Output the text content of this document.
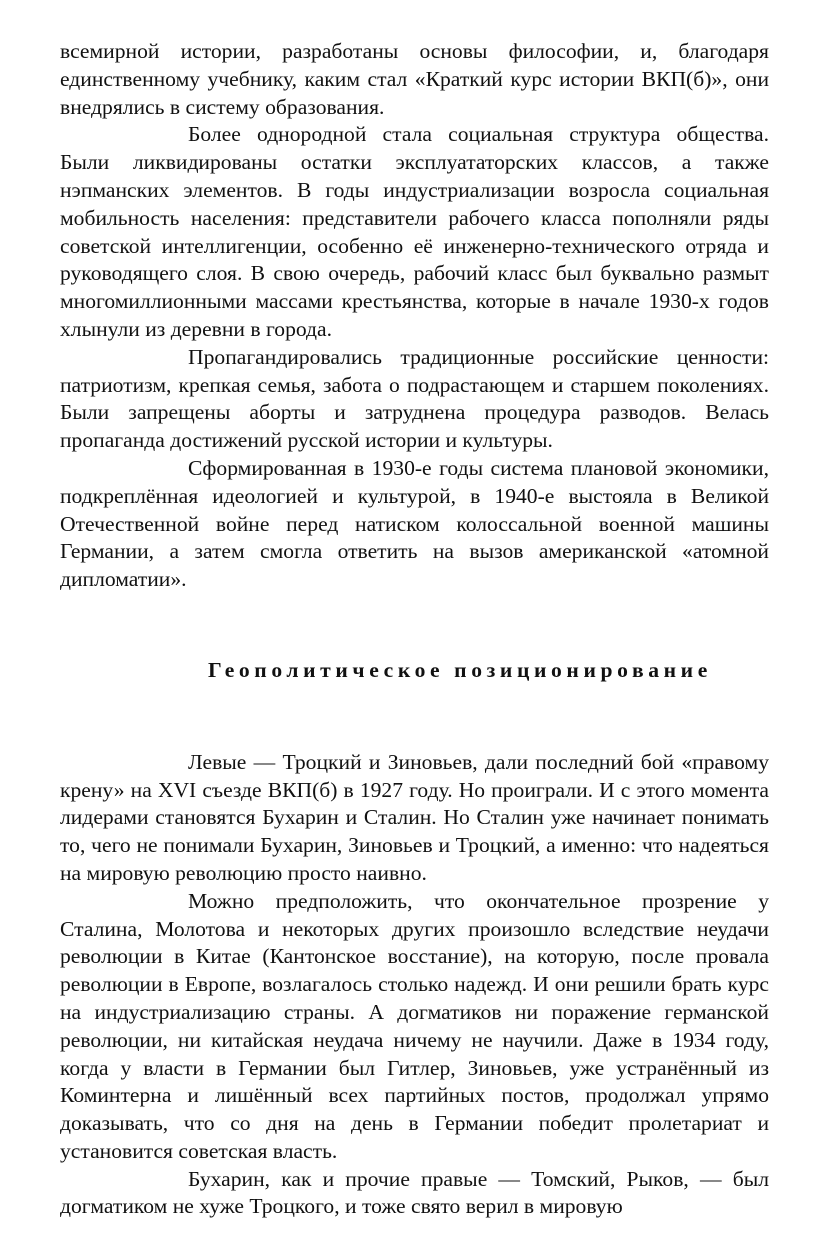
всемирной истории, разработаны основы философии, и, благодаря единственному учебнику, каким стал «Краткий курс истории ВКП(б)», они внедрялись в систему образования.

Более однородной стала социальная структура общества. Были ликвидированы остатки эксплуататорских классов, а также нэпманских элементов. В годы индустриализации возросла социальная мобильность населения: представители рабочего класса пополняли ряды советской интеллигенции, особенно её инженерно-технического отряда и руководящего слоя. В свою очередь, рабочий класс был буквально размыт многомиллионными массами крестьянства, которые в начале 1930-х годов хлынули из деревни в города.

Пропагандировались традиционные российские ценности: патриотизм, крепкая семья, забота о подрастающем и старшем поколениях. Были запрещены аборты и затруднена процедура разводов. Велась пропаганда достижений русской истории и культуры.

Сформированная в 1930-е годы система плановой экономики, подкреплённая идеологией и культурой, в 1940-е выстояла в Великой Отечественной войне перед натиском колоссальной военной машины Германии, а затем смогла ответить на вызов американской «атомной дипломатии».

Геополитическое позиционирование

Левые — Троцкий и Зиновьев, дали последний бой «правому крену» на XVI съезде ВКП(б) в 1927 году. Но проиграли. И с этого момента лидерами становятся Бухарин и Сталин. Но Сталин уже начинает понимать то, чего не понимали Бухарин, Зиновьев и Троцкий, а именно: что надеяться на мировую революцию просто наивно.

Можно предположить, что окончательное прозрение у Сталина, Молотова и некоторых других произошло вследствие неудачи революции в Китае (Кантонское восстание), на которую, после провала революции в Европе, возлагалось столько надежд. И они решили брать курс на индустриализацию страны. А догматиков ни поражение германской революции, ни китайская неудача ничему не научили. Даже в 1934 году, когда у власти в Германии был Гитлер, Зиновьев, уже устранённый из Коминтерна и лишённый всех партийных постов, продолжал упрямо доказывать, что со дня на день в Германии победит пролетариат и установится советская власть.

Бухарин, как и прочие правые — Томский, Рыков, — был догматиком не хуже Троцкого, и тоже свято верил в мировую
